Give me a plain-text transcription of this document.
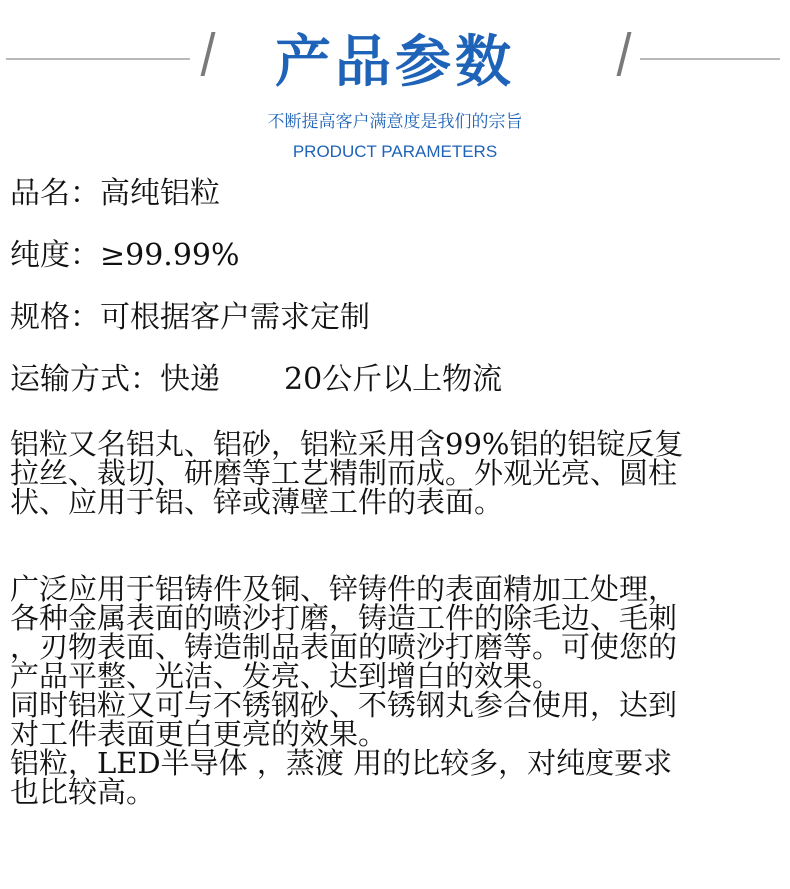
产品参数
不断提高客户满意度是我们的宗旨
PRODUCT PARAMETERS
品名：高纯铝粒
纯度：≥99.99%
规格：可根据客户需求定制
运输方式：快递 20公斤以上物流

铝粒又名铝丸、铝砂，铝粒采用含99%铝的铝锭反复
拉丝、裁切、研磨等工艺精制而成。外观光亮、圆柱
状、应用于铝、锌或薄壁工件的表面。

广泛应用于铝铸件及铜、锌铸件的表面精加工处理，
各种金属表面的喷沙打磨，铸造工件的除毛边、毛刺
，刃物表面、铸造制品表面的喷沙打磨等。可使您的
产品平整、光洁、发亮、达到增白的效果。
同时铝粒又可与不锈钢砂、不锈钢丸参合使用，达到
对工件表面更白更亮的效果。
铝粒，LED半导体 ，蒸渡 用的比较多，对纯度要求
也比较高。
